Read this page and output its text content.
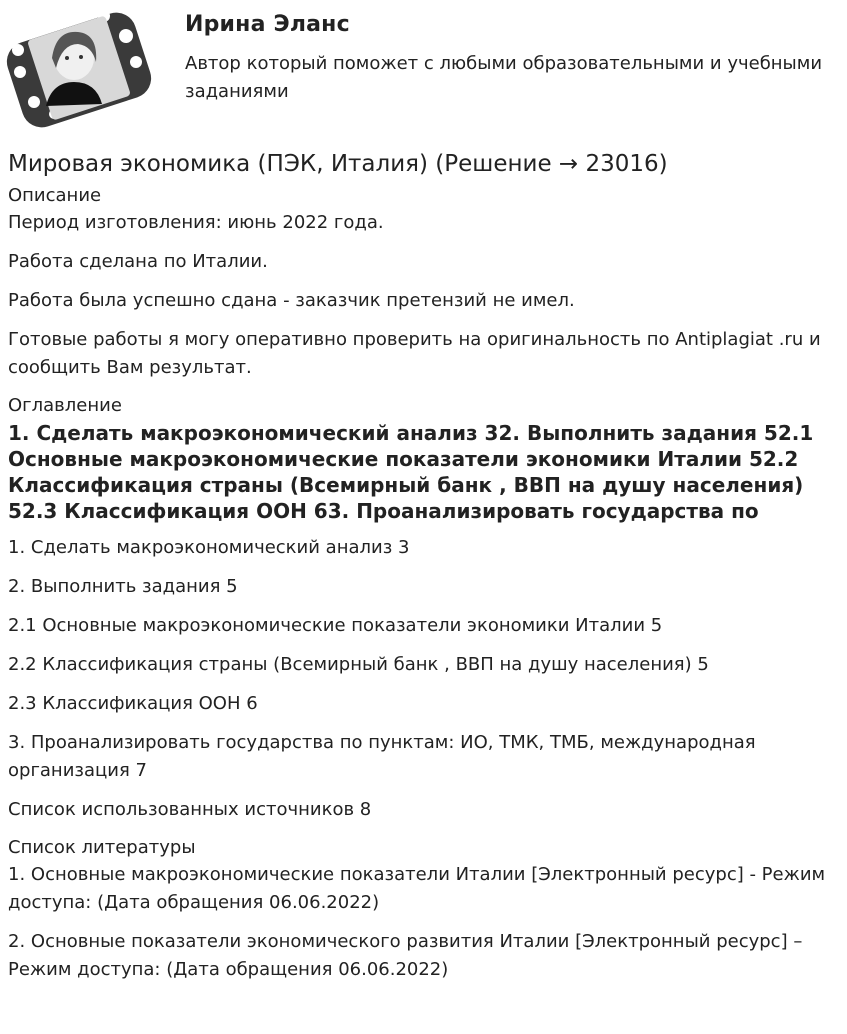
Ирина Эланс
Автор который поможет с любыми образовательными и учебными заданиями
Мировая экономика (ПЭК, Италия) (Решение → 23016)
Описание

Период изготовления: июнь 2022 года.

Работа сделана по Италии.

Работа была успешно сдана - заказчик претензий не имел.

Готовые работы я могу оперативно проверить на оригинальность по Antiplagiat .ru и сообщить Вам результат.

Оглавление
1. Сделать макроэкономический анализ 32. Выполнить задания 52.1 Основные макроэкономические показатели экономики Италии 52.2 Классификация страны (Всемирный банк , ВВП на душу населения) 52.3 Классификация ООН 63. Проанализировать государства по

1. Сделать макроэкономический анализ 3

2. Выполнить задания 5

2.1 Основные макроэкономические показатели экономики Италии 5

2.2 Классификация страны (Всемирный банк , ВВП на душу населения) 5

2.3 Классификация ООН 6

3. Проанализировать государства по пунктам: ИО, ТМК, ТМБ, международная организация 7

Список использованных источников 8

Список литературы

1. Основные макроэкономические показатели Италии [Электронный ресурс] - Режим доступа: (Дата обращения 06.06.2022)

2. Основные показатели экономического развития Италии [Электронный ресурс] – Режим доступа: (Дата обращения 06.06.2022)
